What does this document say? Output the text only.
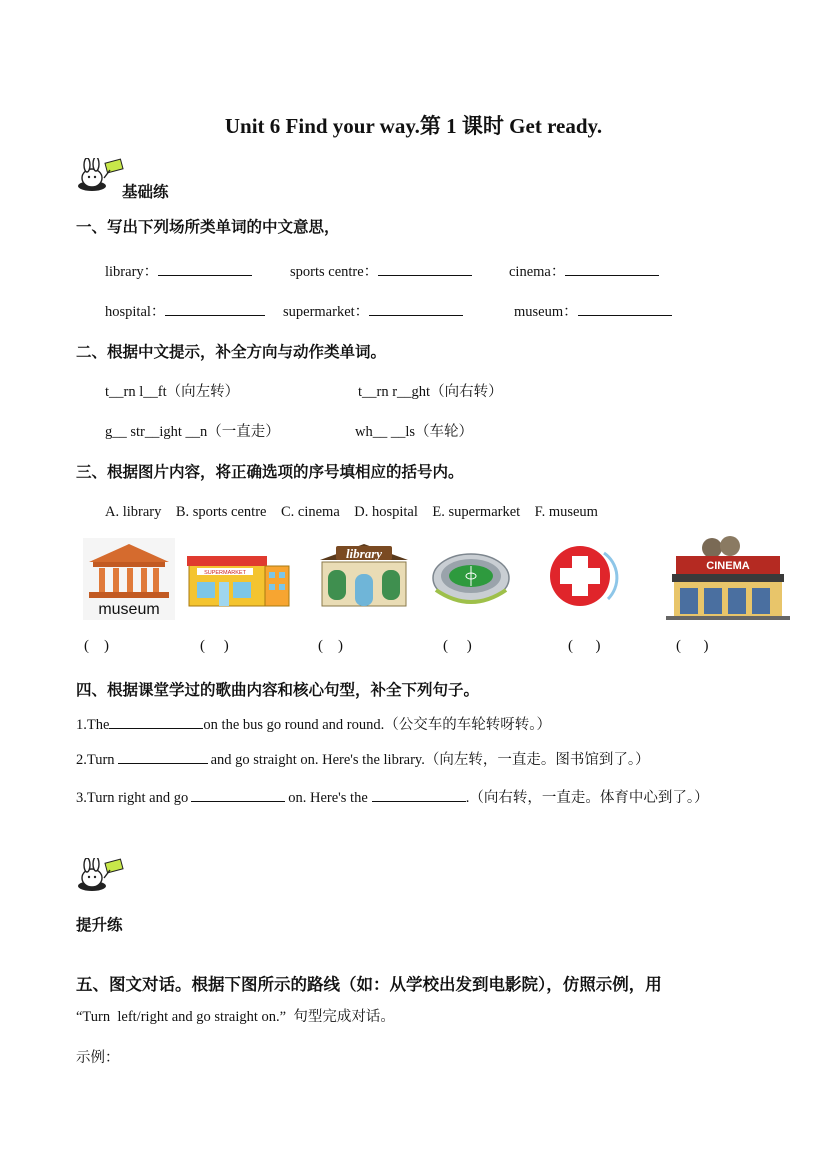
Unit 6 Find your way.第 1 课时 Get ready.
基础练
一、写出下列场所类单词的中文意思，
library：	sports centre：	cinema：
hospital：	supermarket：	museum：
二、根据中文提示，补全方向与动作类单词。
t__rn l__ft（向左转）	t__rn r__ght（向右转）
g__ str__ight __n（一直走）	wh__ __ls（车轮）
三、根据图片内容，将正确选项的序号填相应的括号内。
A. library    B. sports centre    C. cinema    D. hospital    E. supermarket    F. museum
museum
SUPERMARKET
library
CINEMA
(    )	(     )	(    )	(     )	(      )	(      )
四、根据课堂学过的歌曲内容和核心句型，补全下列句子。
1.The	on the bus go round and round.（公交车的车轮转呀转。）
2.Turn	and go straight on. Here's the library.（向左转，一直走。图书馆到了。）
3.Turn right and go	on. Here's the	.（向右转，一直走。体育中心到了。）
提升练
五、图文对话。根据下图所示的路线（如：从学校出发到电影院），仿照示例，用
“Turn  left/right and go straight on.”  句型完成对话。
示例：
